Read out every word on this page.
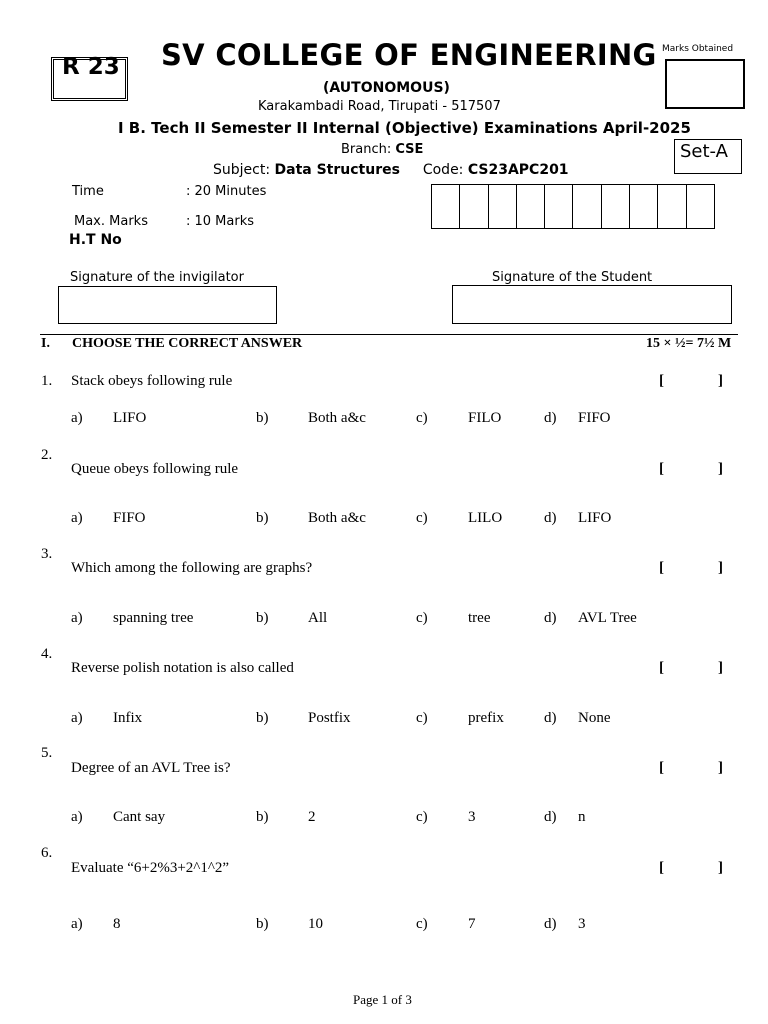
R 23 SV COLLEGE OF ENGINEERING
(AUTONOMOUS)
Karakambadi Road, Tirupati - 517507
I B. Tech II Semester II Internal (Objective) Examinations April-2025
Marks Obtained
Set-A
Branch: CSE
Subject: Data Structures Code: CS23APC201
Time	: 20 Minutes
Max. Marks	: 10 Marks
H.T No
Signature of the invigilator	Signature of the Student
I. CHOOSE THE CORRECT ANSWER	15 × ½= 7½ M
1. Stack obeys following rule	[	]
a) LIFO	b)	Both a&c	c)	FILO	d) FIFO
2.
Queue obeys following rule	[	]
a) FIFO	b)	Both a&c	c)	LILO	d) LIFO
3.
Which among the following are graphs?	[	]
a) spanning tree	b)	All	c)	tree	d) AVL Tree
4.
Reverse polish notation is also called	[	]
a) Infix	b)	Postfix	c)	prefix	d) None
5.
Degree of an AVL Tree is?	[	]
a) Cant say	b)	2	c)	3	d) n
6.
Evaluate “6+2%3+2^1^2”	[	]
a) 8	b)	10	c)	7	d) 3
Page 1 of 3
